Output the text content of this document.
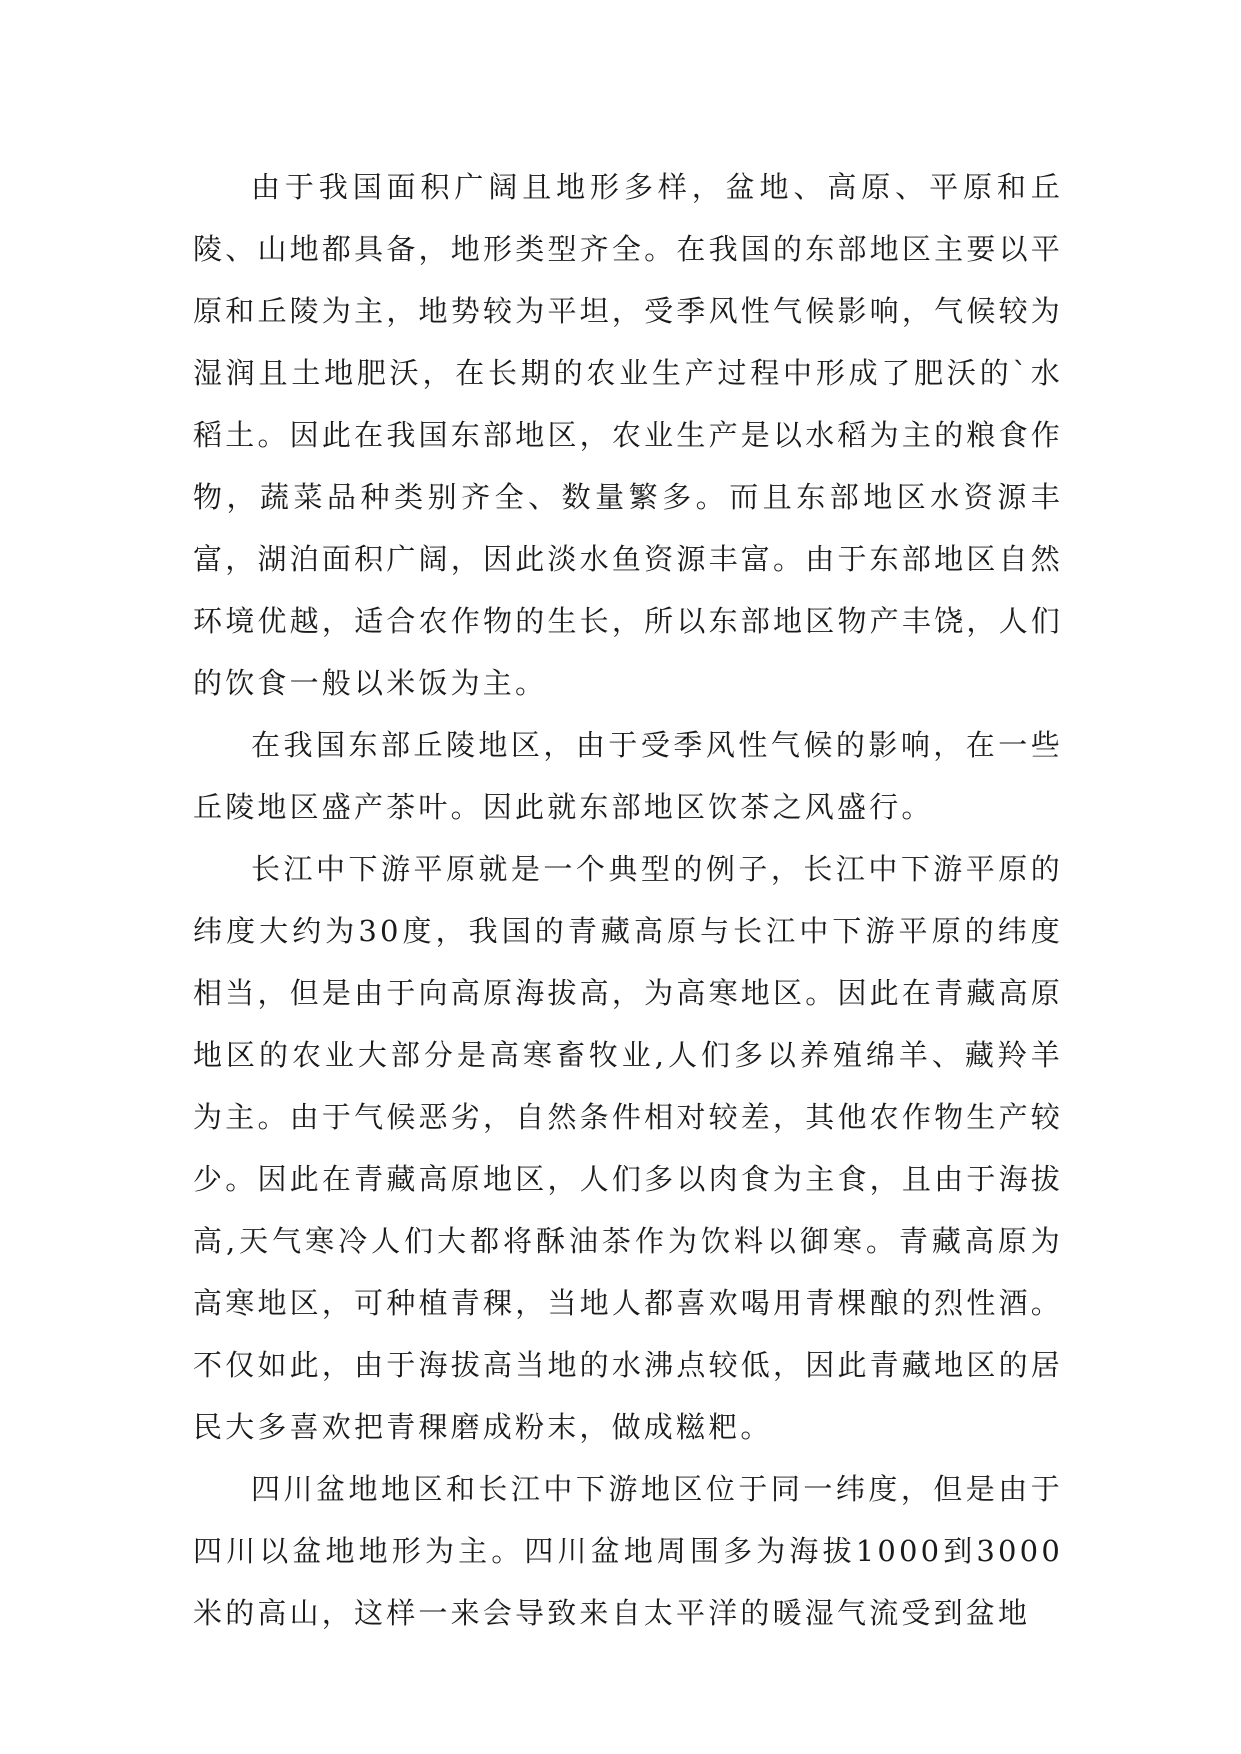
由于我国面积广阔且地形多样，盆地、高原、平原和丘陵、山地都具备，地形类型齐全。在我国的东部地区主要以平原和丘陵为主，地势较为平坦，受季风性气候影响，气候较为湿润且土地肥沃，在长期的农业生产过程中形成了肥沃的`水稻土。因此在我国东部地区，农业生产是以水稻为主的粮食作物，蔬菜品种类别齐全、数量繁多。而且东部地区水资源丰富，湖泊面积广阔，因此淡水鱼资源丰富。由于东部地区自然环境优越，适合农作物的生长，所以东部地区物产丰饶，人们的饮食一般以米饭为主。

在我国东部丘陵地区，由于受季风性气候的影响，在一些丘陵地区盛产茶叶。因此就东部地区饮茶之风盛行。

长江中下游平原就是一个典型的例子，长江中下游平原的纬度大约为30度，我国的青藏高原与长江中下游平原的纬度相当，但是由于向高原海拔高，为高寒地区。因此在青藏高原地区的农业大部分是高寒畜牧业,人们多以养殖绵羊、藏羚羊为主。由于气候恶劣，自然条件相对较差，其他农作物生产较少。因此在青藏高原地区，人们多以肉食为主食，且由于海拔高,天气寒冷人们大都将酥油茶作为饮料以御寒。青藏高原为高寒地区，可种植青稞，当地人都喜欢喝用青棵酿的烈性酒。不仅如此，由于海拔高当地的水沸点较低，因此青藏地区的居民大多喜欢把青稞磨成粉末，做成糍粑。

四川盆地地区和长江中下游地区位于同一纬度，但是由于四川以盆地地形为主。四川盆地周围多为海拔1000到3000米的高山，这样一来会导致来自太平洋的暖湿气流受到盆地
